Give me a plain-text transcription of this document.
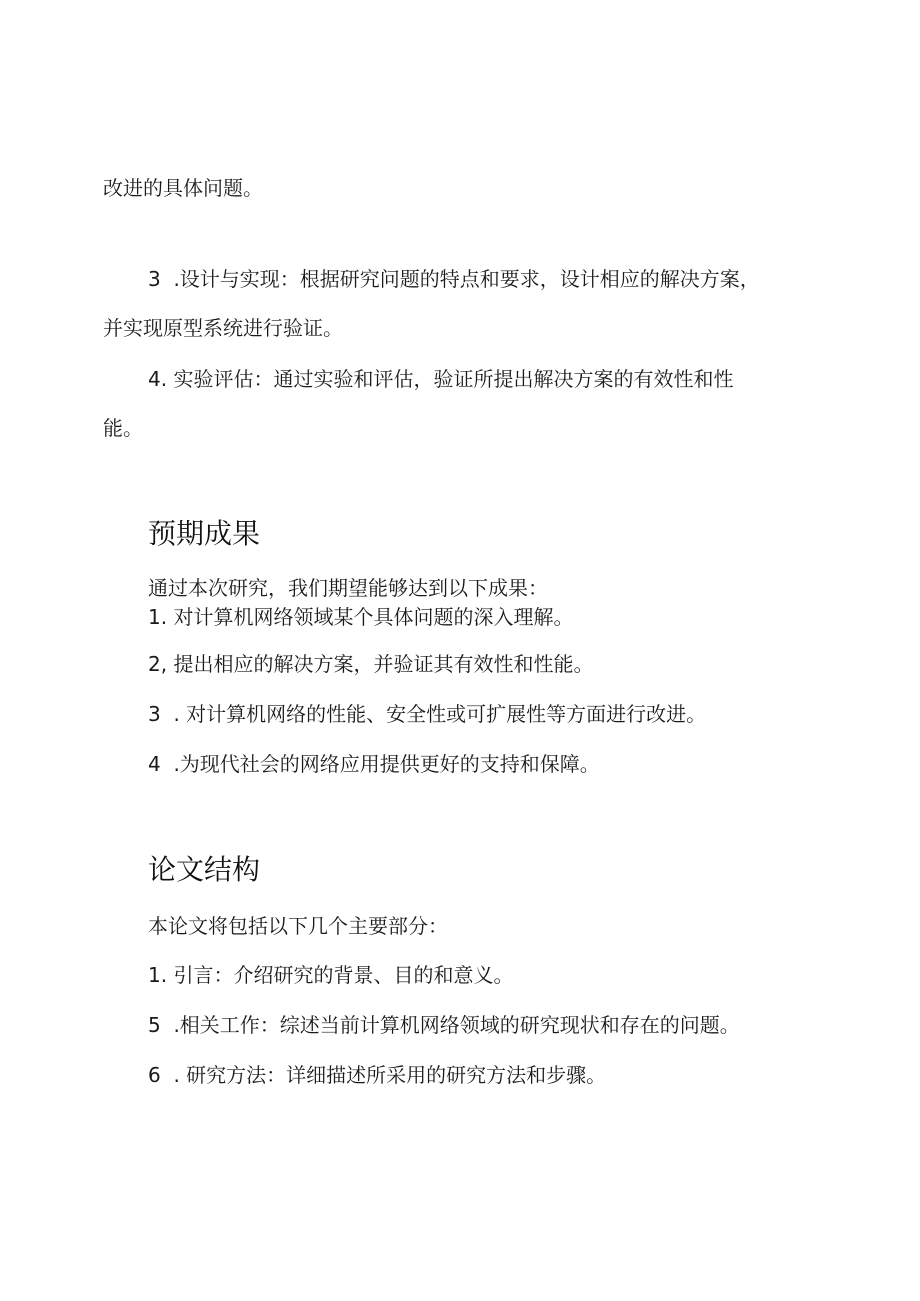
改进的具体问题。
3  .设计与实现：根据研究问题的特点和要求，设计相应的解决方案，
并实现原型系统进行验证。
4. 实验评估：通过实验和评估，验证所提出解决方案的有效性和性
能。
预期成果
通过本次研究，我们期望能够达到以下成果：
1. 对计算机网络领域某个具体问题的深入理解。
2, 提出相应的解决方案，并验证其有效性和性能。
3  . 对计算机网络的性能、安全性或可扩展性等方面进行改进。
4  .为现代社会的网络应用提供更好的支持和保障。
论文结构
本论文将包括以下几个主要部分：
1. 引言：介绍研究的背景、目的和意义。
5  .相关工作：综述当前计算机网络领域的研究现状和存在的问题。
6  . 研究方法：详细描述所采用的研究方法和步骤。
